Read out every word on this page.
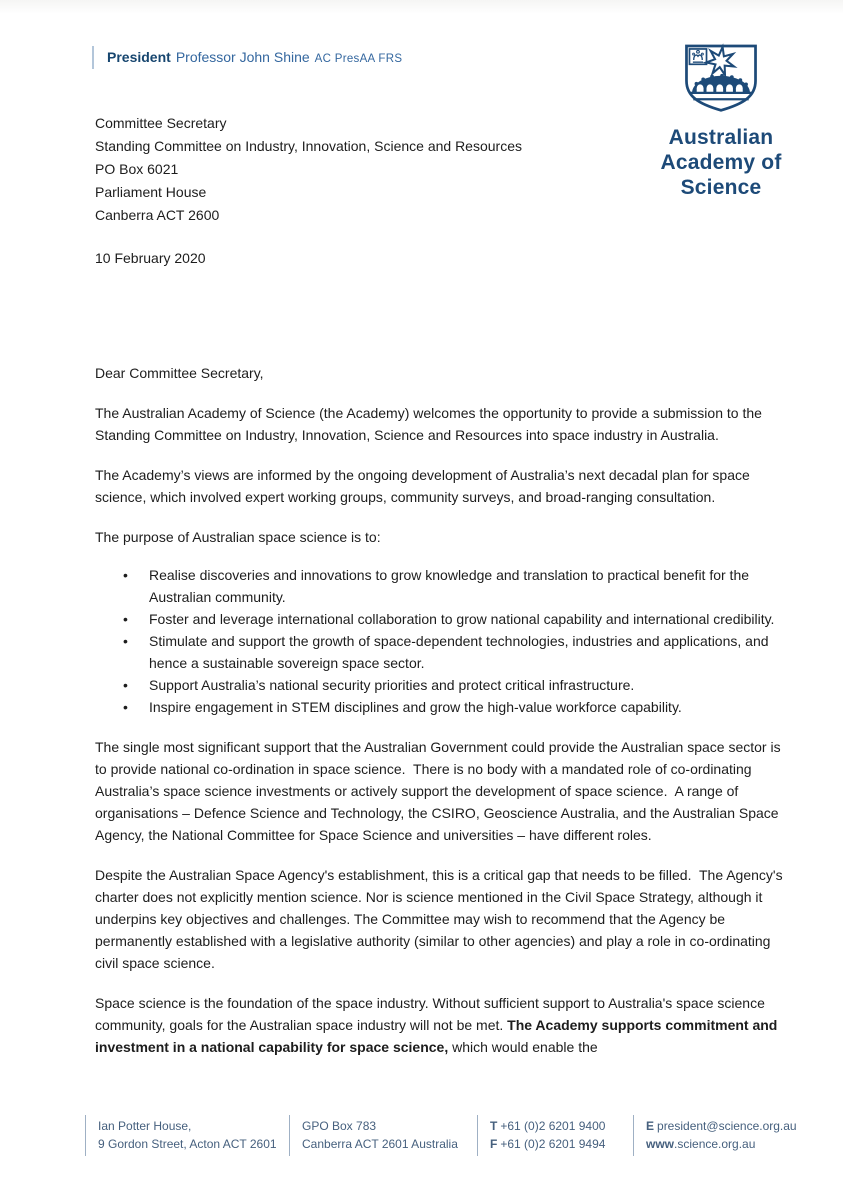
President Professor John Shine AC PresAA FRS
Australian
Academy of
Science
Committee Secretary
Standing Committee on Industry, Innovation, Science and Resources
PO Box 6021
Parliament House
Canberra ACT 2600
10 February 2020
Dear Committee Secretary,
The Australian Academy of Science (the Academy) welcomes the opportunity to provide a submission to the Standing Committee on Industry, Innovation, Science and Resources into space industry in Australia.
The Academy’s views are informed by the ongoing development of Australia’s next decadal plan for space science, which involved expert working groups, community surveys, and broad-ranging consultation.
The purpose of Australian space science is to:
•	Realise discoveries and innovations to grow knowledge and translation to practical benefit for the Australian community.
•	Foster and leverage international collaboration to grow national capability and international credibility.
•	Stimulate and support the growth of space-dependent technologies, industries and applications, and hence a sustainable sovereign space sector.
•	Support Australia’s national security priorities and protect critical infrastructure.
•	Inspire engagement in STEM disciplines and grow the high-value workforce capability.
The single most significant support that the Australian Government could provide the Australian space sector is to provide national co-ordination in space science.  There is no body with a mandated role of co-ordinating Australia’s space science investments or actively support the development of space science.  A range of organisations – Defence Science and Technology, the CSIRO, Geoscience Australia, and the Australian Space Agency, the National Committee for Space Science and universities – have different roles.
Despite the Australian Space Agency's establishment, this is a critical gap that needs to be filled.  The Agency's charter does not explicitly mention science. Nor is science mentioned in the Civil Space Strategy, although it underpins key objectives and challenges. The Committee may wish to recommend that the Agency be permanently established with a legislative authority (similar to other agencies) and play a role in co-ordinating civil space science.
Space science is the foundation of the space industry. Without sufficient support to Australia's space science community, goals for the Australian space industry will not be met. The Academy supports commitment and investment in a national capability for space science, which would enable the
Ian Potter House,
9 Gordon Street, Acton ACT 2601
GPO Box 783
Canberra ACT 2601 Australia
T +61 (0)2 6201 9400
F +61 (0)2 6201 9494
E president@science.org.au
www.science.org.au
